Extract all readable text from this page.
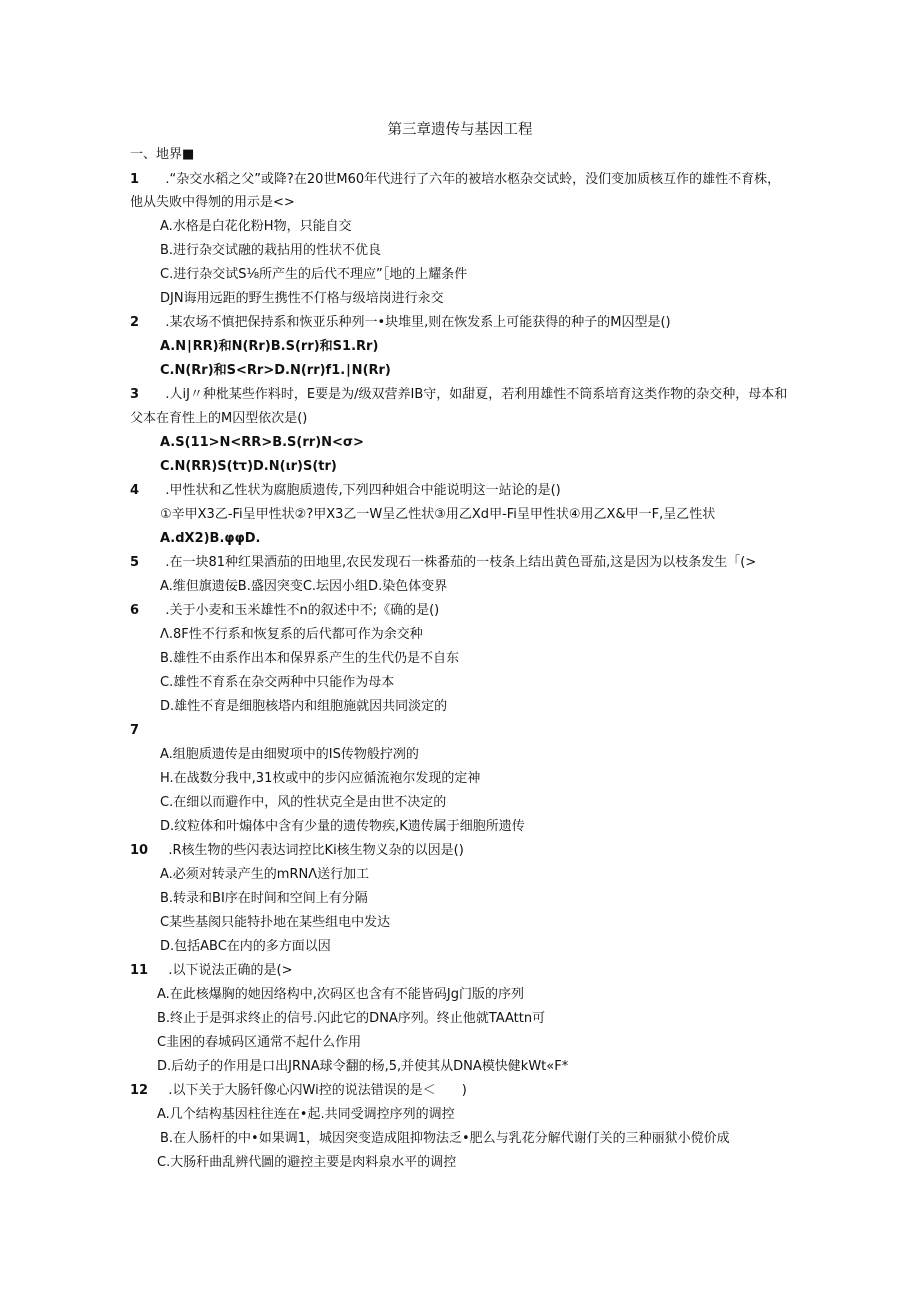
第三章遗传与基因工程
一、地界■
1 .“杂交水稻之父”或降?在20世M60年代进行了六年的被培水柩杂交试蛉，没们变加质核互作的雄性不育株，
他从失败中得刎的用示是<>
A.水格是白花化粉H物，只能自交
B.进行杂交试融的栽拈用的性状不优良
C.进行杂交试S⅛所产生的后代不理应”［地的上耀条件
DJN诲用远距的野生携性不仃格与级培岗进行汆交
2 .某农场不慎把保持系和恢亚乐种列一•块堆里,则在恢发系上可能获得的种子的M囚型是()
A.N∣RR)和N(Rr)B.S(rr)和S1.Rr)
C.N(Rr)和S<Rr>D.N(rr)f1.∣N(Rr)
3 .人iJ〃种枇某些作料时，E要是为/级双营养IB守，如甜夏，若利用雄性不筒系培育这类作物的杂交种，母本和
父本在育性上的M囚型依次是()
A.S(11>N<RR>B.S(rr)N<σ>
C.N(RR)S(tτ)D.N(ιr)S(tr)
4 .甲性状和乙性状为腐胞质遗传,下列四种姐合中能说明这一站论的是()
①辛甲X3乙-Fi呈甲性状②?甲X3乙一W呈乙性状③用乙Xd甲-Fi呈甲性状④用乙X&甲一F,呈乙性状
A.dX2)B.φφD.
5 .在一块81种红果酒茄的田地里,农民发现石一株番茄的一枝条上结出黄色哥茄,这是因为以枝条发生「(>
A.维但旗遗佞B.盛因突变C.坛因小组D.染色体变界
6 .关于小麦和玉米雄性不n的叙述中不;《确的是()
Λ.8F性不行系和恢复系的后代都可作为余交种
B.雄性不由系作出本和保界系产生的生代仍是不自东
C.雄性不育系在杂交两种中只能作为母本
D.雄性不育是细胞核塔内和组胞施就因共同淡定的
7
A.组胞质遗传是由细熨项中的IS传物般拧冽的
H.在战数分我中,31枚或中的步闪应循流袍尔发现的定神
C.在细以而避作中，风的性状克全是由世不决定的
D.纹粒体和叶煽体中含有少量的遗传物疾,K遗传属于细胞所遗传
10 .R核生物的些闪表达词控比Ki核生物义杂的以因是()
A.必须对转录产生的mRNΛ送行加工
B.转录和BI序在时间和空间上有分隔
C某些基阂只能特扑地在某些组电中发达
D.包括ABC在内的多方面以因
11 .以下说法正确的是(>
A.在此核爆胸的她因络构中,次码区也含有不能皆码Jg门版的序列
B.终止于是弭求终止的信号.闪此它的DNA序列。终止他就TAAttn可
C韭困的春城码区通常不起什么作用
D.后幼子的作用是口出JRNA球令翻的杨,5,并使其从DNA模快健kWt«F*
12 .以下关于大肠钎像心闪Wi控的说法错误的是＜　　)
A.几个结构基因柱往连在•起.共同受调控序列的调控
B.在人肠杆的中•如果调1，城因突变造成阻抑物法乏•肥么与乳花分解代谢仃关的三种丽狱小傥价成
C.大肠秆曲乱辨代圖的避控主要是肉料泉水平的调控
